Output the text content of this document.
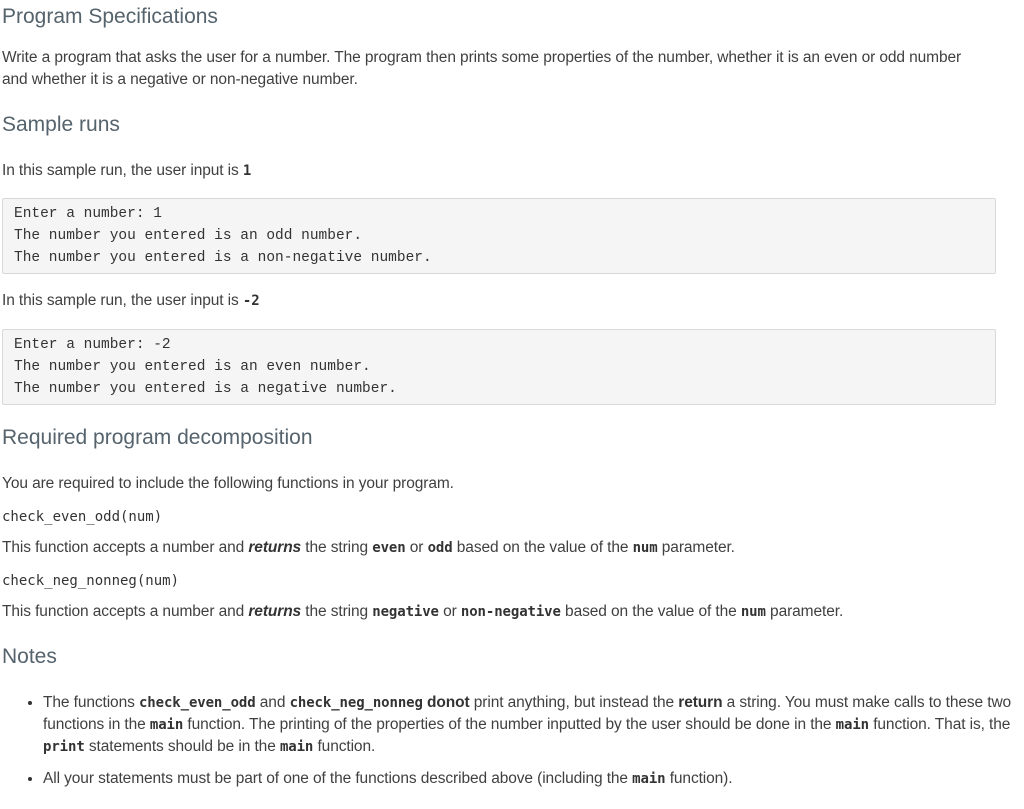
Program Specifications

Write a program that asks the user for a number. The program then prints some properties of the number, whether it is an even or odd number and whether it is a negative or non-negative number.

Sample runs

In this sample run, the user input is 1

Enter a number: 1
The number you entered is an odd number.
The number you entered is a non-negative number.

In this sample run, the user input is -2

Enter a number: -2
The number you entered is an even number.
The number you entered is a negative number.
Required program decomposition

You are required to include the following functions in your program.

check_even_odd(num)

This function accepts a number and returns the string even or odd based on the value of the num parameter.

check_neg_nonneg(num)

This function accepts a number and returns the string negative or non-negative based on the value of the num parameter.

Notes
• The functions check_even_odd and check_neg_nonneg donot print anything, but instead the return a string. You must make calls to these two functions in the main function. The printing of the properties of the number inputted by the user should be done in the main function. That is, the print statements should be in the main function.
• All your statements must be part of one of the functions described above (including the main function).
